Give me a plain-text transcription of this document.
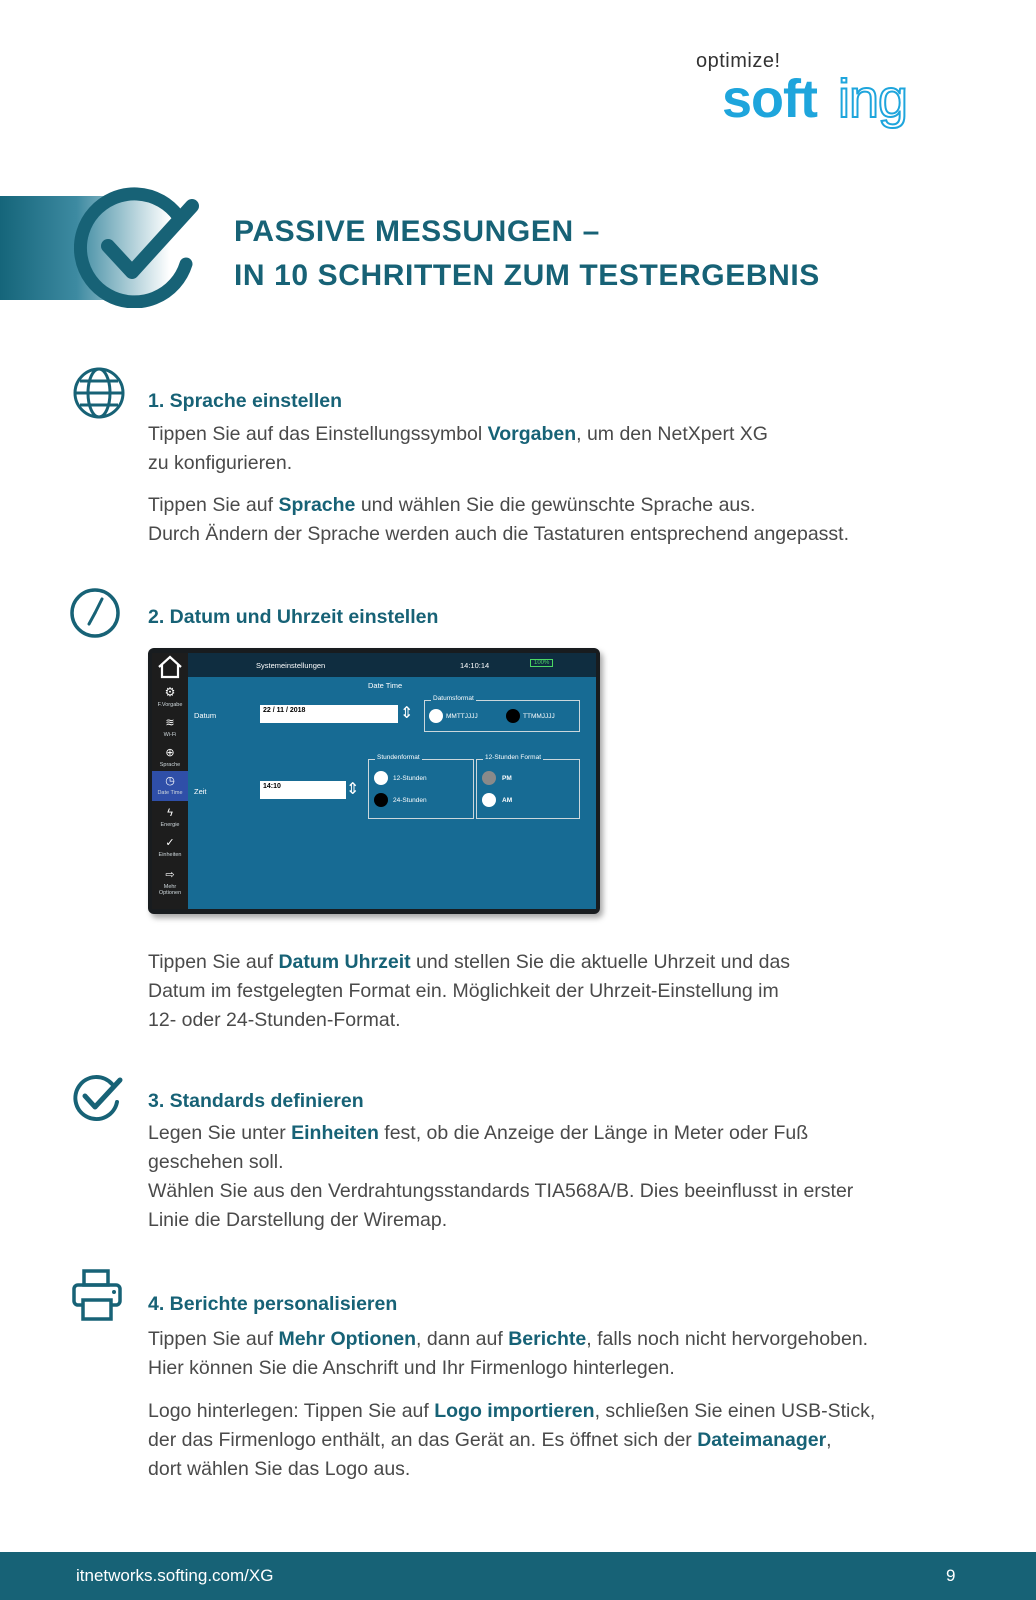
optimize!
soft ing
PASSIVE MESSUNGEN –
IN 10 SCHRITTEN ZUM TESTERGEBNIS
1. Sprache einstellen
Tippen Sie auf das Einstellungssymbol Vorgaben, um den NetXpert XG
zu konfigurieren.
Tippen Sie auf Sprache und wählen Sie die gewünschte Sprache aus.
Durch Ändern der Sprache werden auch die Tastaturen entsprechend angepasst.
2. Datum und Uhrzeit einstellen
⚙
F.Vorgabe
≋
Wi-Fi
⊕
Sprache
◷
Date Time
ϟ
Energie
✓
Einheiten
⇨
Mehr Optionen
Systemeinstellungen	14:10:14	100%
Date Time
Datum
22 / 11 / 2018	⇕
Datumsformat
MMTTJJJJ	TTMMJJJJ
Zeit
14:10	⇕
Stundenformat
12-Stunden
24-Stunden
12-Stunden Format
PM
AM
Tippen Sie auf Datum Uhrzeit und stellen Sie die aktuelle Uhrzeit und das
Datum im festgelegten Format ein. Möglichkeit der Uhrzeit-Einstellung im
12- oder 24-Stunden-Format.
3. Standards definieren
Legen Sie unter Einheiten fest, ob die Anzeige der Länge in Meter oder Fuß
geschehen soll.
Wählen Sie aus den Verdrahtungsstandards TIA568A/B. Dies beeinflusst in erster
Linie die Darstellung der Wiremap.
4. Berichte personalisieren
Tippen Sie auf Mehr Optionen, dann auf Berichte, falls noch nicht hervorgehoben.
Hier können Sie die Anschrift und Ihr Firmenlogo hinterlegen.
Logo hinterlegen: Tippen Sie auf Logo importieren, schließen Sie einen USB-Stick,
der das Firmenlogo enthält, an das Gerät an. Es öffnet sich der Dateimanager,
dort wählen Sie das Logo aus.
itnetworks.softing.com/XG	9
